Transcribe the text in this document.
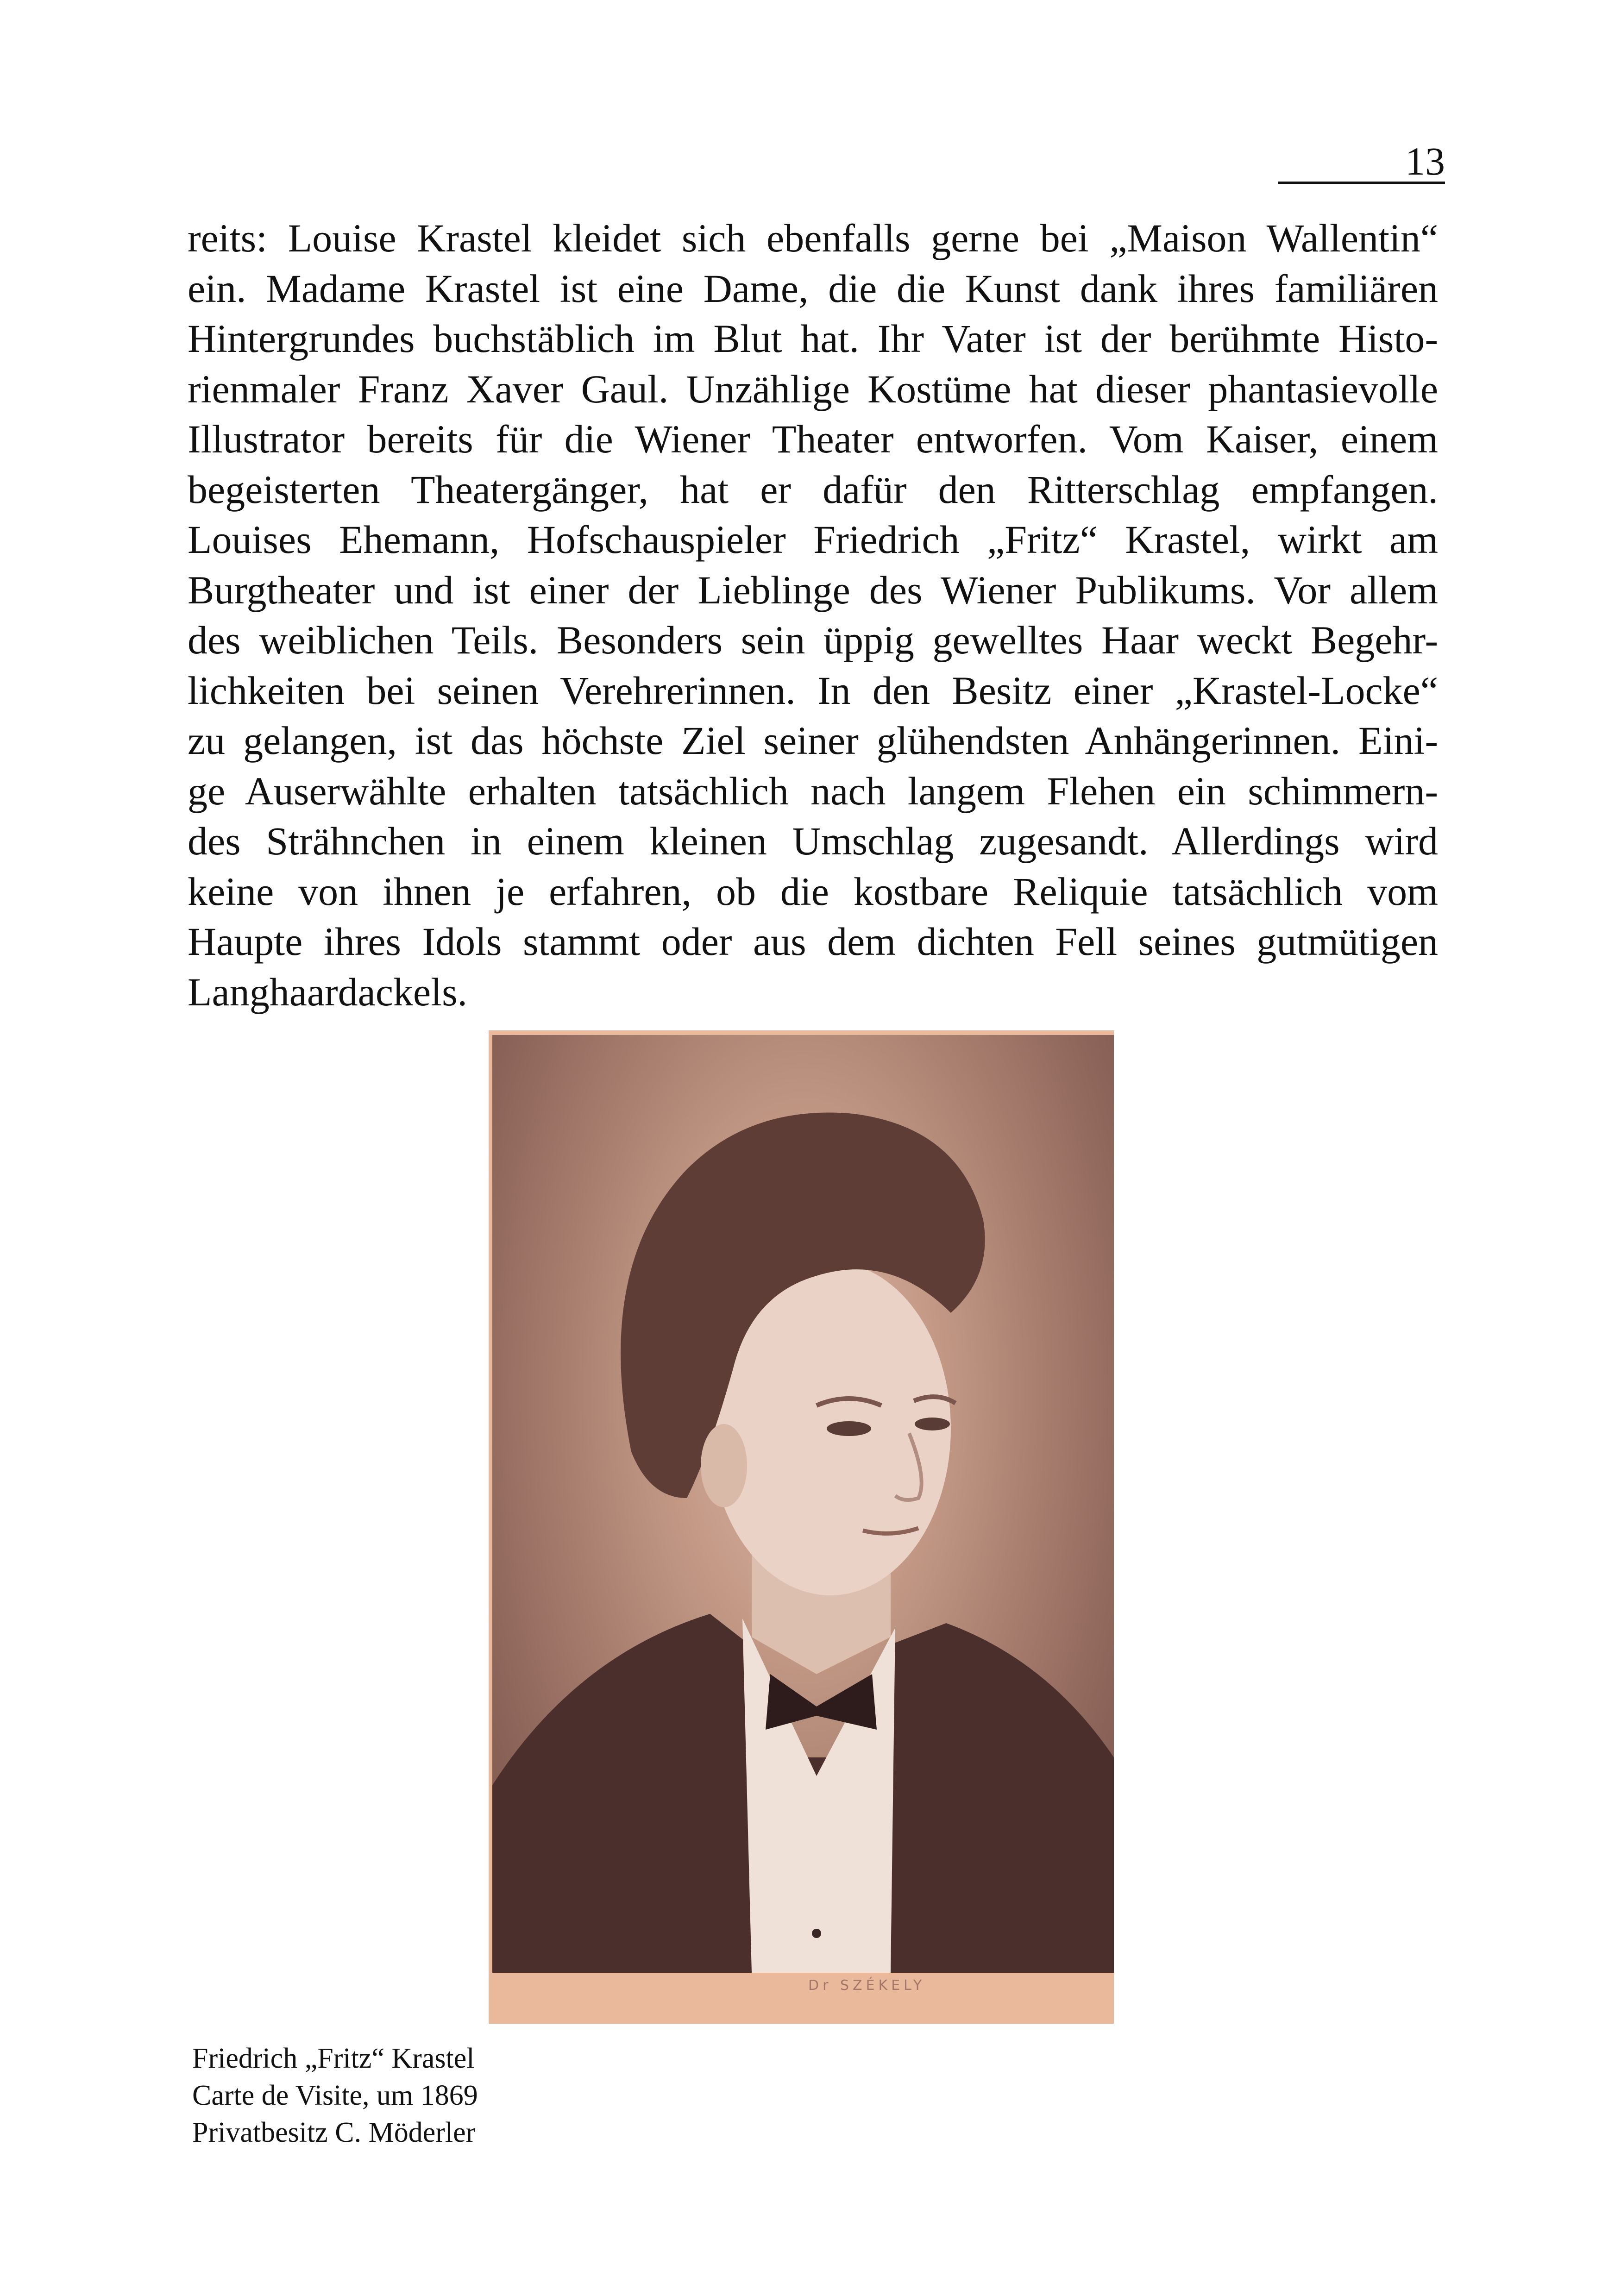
13
reits: Louise Krastel kleidet sich ebenfalls gerne bei „Maison Wallentin“
ein. Madame Krastel ist eine Dame, die die Kunst dank ihres familiären
Hintergrundes buchstäblich im Blut hat. Ihr Vater ist der berühmte Histo-
rienmaler Franz Xaver Gaul. Unzählige Kostüme hat dieser phantasievolle
Illustrator bereits für die Wiener Theater entworfen. Vom Kaiser, einem
begeisterten Theatergänger, hat er dafür den Ritterschlag empfangen.
Louises Ehemann, Hofschauspieler Friedrich „Fritz“ Krastel, wirkt am
Burgtheater und ist einer der Lieblinge des Wiener Publikums. Vor allem
des weiblichen Teils. Besonders sein üppig gewelltes Haar weckt Begehr-
lichkeiten bei seinen Verehrerinnen. In den Besitz einer „Krastel-Locke“
zu gelangen, ist das höchste Ziel seiner glühendsten Anhängerinnen. Eini-
ge Auserwählte erhalten tatsächlich nach langem Flehen ein schimmern-
des Strähnchen in einem kleinen Umschlag zugesandt. Allerdings wird
keine von ihnen je erfahren, ob die kostbare Reliquie tatsächlich vom
Haupte ihres Idols stammt oder aus dem dichten Fell seines gutmütigen
Langhaardackels.
Dr SZÉKELY
Friedrich „Fritz“ Krastel
Carte de Visite, um 1869
Privatbesitz C. Möderler
